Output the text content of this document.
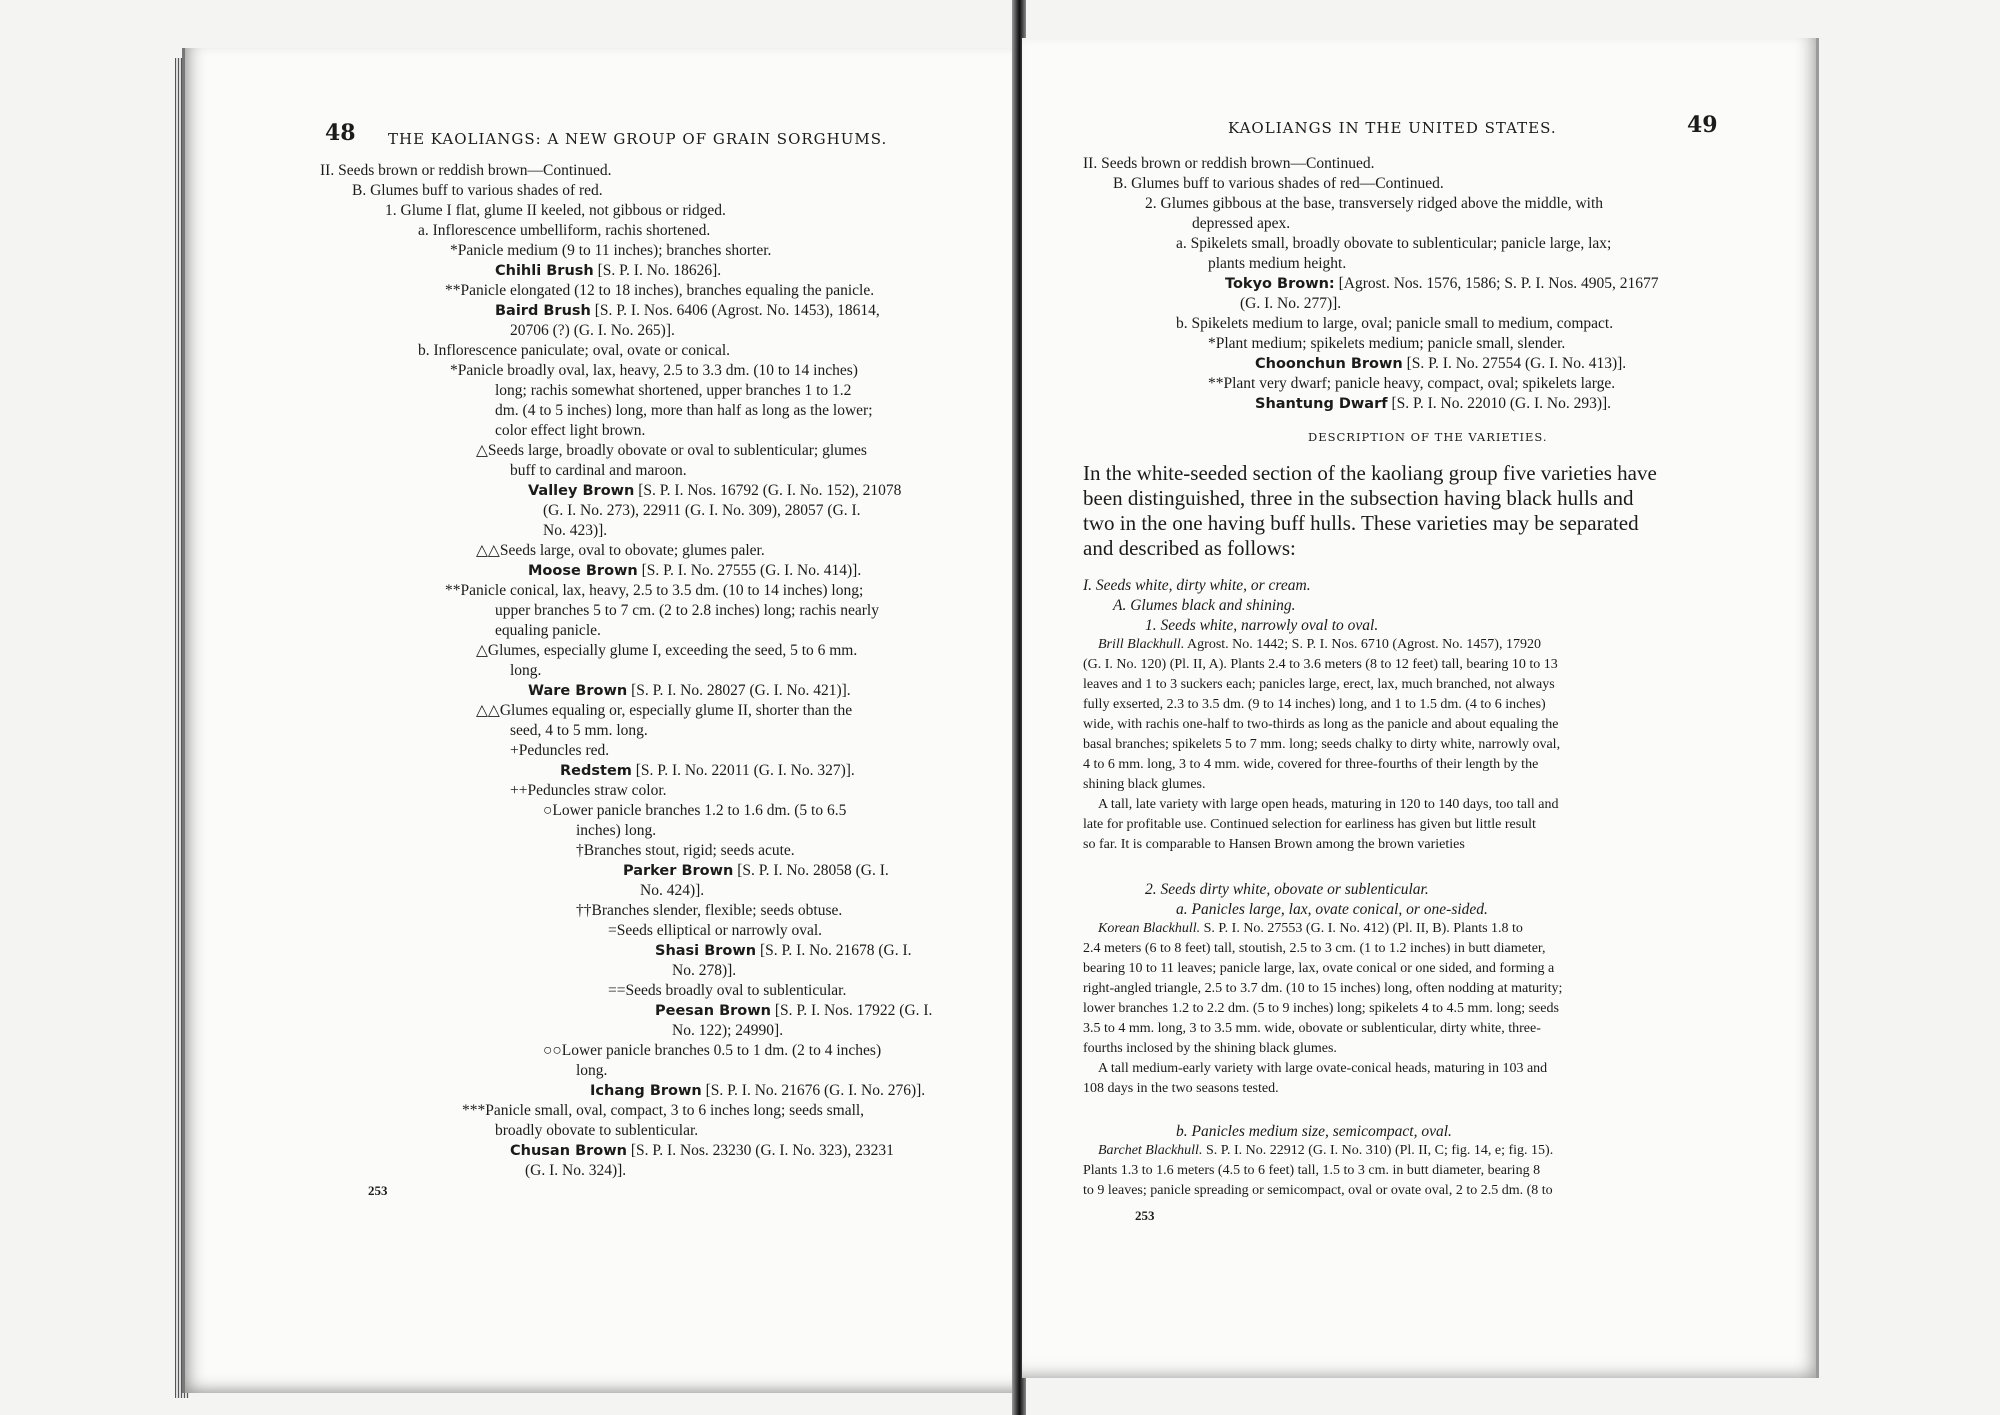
48 THE KAOLIANGS: A NEW GROUP OF GRAIN SORGHUMS.
II. Seeds brown or reddish brown—Continued.
B. Glumes buff to various shades of red.
1. Glume I flat, glume II keeled, not gibbous or ridged.
a. Inflorescence umbelliform, rachis shortened.
*Panicle medium (9 to 11 inches); branches shorter.
Chihli Brush [S. P. I. No. 18626].
**Panicle elongated (12 to 18 inches), branches equaling the panicle.
Baird Brush [S. P. I. Nos. 6406 (Agrost. No. 1453), 18614,
20706 (?) (G. I. No. 265)].
b. Inflorescence paniculate; oval, ovate or conical.
*Panicle broadly oval, lax, heavy, 2.5 to 3.3 dm. (10 to 14 inches)
long; rachis somewhat shortened, upper branches 1 to 1.2
dm. (4 to 5 inches) long, more than half as long as the lower;
color effect light brown.
△Seeds large, broadly obovate or oval to sublenticular; glumes
buff to cardinal and maroon.
Valley Brown [S. P. I. Nos. 16792 (G. I. No. 152), 21078
(G. I. No. 273), 22911 (G. I. No. 309), 28057 (G. I.
No. 423)].
△△Seeds large, oval to obovate; glumes paler.
Moose Brown [S. P. I. No. 27555 (G. I. No. 414)].
**Panicle conical, lax, heavy, 2.5 to 3.5 dm. (10 to 14 inches) long;
upper branches 5 to 7 cm. (2 to 2.8 inches) long; rachis nearly
equaling panicle.
△Glumes, especially glume I, exceeding the seed, 5 to 6 mm.
long.
Ware Brown [S. P. I. No. 28027 (G. I. No. 421)].
△△Glumes equaling or, especially glume II, shorter than the
seed, 4 to 5 mm. long.
+Peduncles red.
Redstem [S. P. I. No. 22011 (G. I. No. 327)].
++Peduncles straw color.
○Lower panicle branches 1.2 to 1.6 dm. (5 to 6.5
inches) long.
†Branches stout, rigid; seeds acute.
Parker Brown [S. P. I. No. 28058 (G. I.
No. 424)].
††Branches slender, flexible; seeds obtuse.
=Seeds elliptical or narrowly oval.
Shasi Brown [S. P. I. No. 21678 (G. I.
No. 278)].
==Seeds broadly oval to sublenticular.
Peesan Brown [S. P. I. Nos. 17922 (G. I.
No. 122); 24990].
○○Lower panicle branches 0.5 to 1 dm. (2 to 4 inches)
long.
Ichang Brown [S. P. I. No. 21676 (G. I. No. 276)].
***Panicle small, oval, compact, 3 to 6 inches long; seeds small,
broadly obovate to sublenticular.
Chusan Brown [S. P. I. Nos. 23230 (G. I. No. 323), 23231
(G. I. No. 324)].
253
KAOLIANGS IN THE UNITED STATES.	49
II. Seeds brown or reddish brown—Continued.
B. Glumes buff to various shades of red—Continued.
2. Glumes gibbous at the base, transversely ridged above the middle, with
depressed apex.
a. Spikelets small, broadly obovate to sublenticular; panicle large, lax;
plants medium height.
Tokyo Brown: [Agrost. Nos. 1576, 1586; S. P. I. Nos. 4905, 21677
(G. I. No. 277)].
b. Spikelets medium to large, oval; panicle small to medium, compact.
*Plant medium; spikelets medium; panicle small, slender.
Choonchun Brown [S. P. I. No. 27554 (G. I. No. 413)].
**Plant very dwarf; panicle heavy, compact, oval; spikelets large.
Shantung Dwarf [S. P. I. No. 22010 (G. I. No. 293)].
DESCRIPTION OF THE VARIETIES.
In the white-seeded section of the kaoliang group five varieties have
been distinguished, three in the subsection having black hulls and
two in the one having buff hulls. These varieties may be separated
and described as follows:
I. Seeds white, dirty white, or cream.
A. Glumes black and shining.
1. Seeds white, narrowly oval to oval.
Brill Blackhull. Agrost. No. 1442; S. P. I. Nos. 6710 (Agrost. No. 1457), 17920
(G. I. No. 120) (Pl. II, A). Plants 2.4 to 3.6 meters (8 to 12 feet) tall, bearing 10 to 13
leaves and 1 to 3 suckers each; panicles large, erect, lax, much branched, not always
fully exserted, 2.3 to 3.5 dm. (9 to 14 inches) long, and 1 to 1.5 dm. (4 to 6 inches)
wide, with rachis one-half to two-thirds as long as the panicle and about equaling the
basal branches; spikelets 5 to 7 mm. long; seeds chalky to dirty white, narrowly oval,
4 to 6 mm. long, 3 to 4 mm. wide, covered for three-fourths of their length by the
shining black glumes.
A tall, late variety with large open heads, maturing in 120 to 140 days, too tall and
late for profitable use. Continued selection for earliness has given but little result
so far. It is comparable to Hansen Brown among the brown varieties
2. Seeds dirty white, obovate or sublenticular.
a. Panicles large, lax, ovate conical, or one-sided.
Korean Blackhull. S. P. I. No. 27553 (G. I. No. 412) (Pl. II, B). Plants 1.8 to
2.4 meters (6 to 8 feet) tall, stoutish, 2.5 to 3 cm. (1 to 1.2 inches) in butt diameter,
bearing 10 to 11 leaves; panicle large, lax, ovate conical or one sided, and forming a
right-angled triangle, 2.5 to 3.7 dm. (10 to 15 inches) long, often nodding at maturity;
lower branches 1.2 to 2.2 dm. (5 to 9 inches) long; spikelets 4 to 4.5 mm. long; seeds
3.5 to 4 mm. long, 3 to 3.5 mm. wide, obovate or sublenticular, dirty white, three-
fourths inclosed by the shining black glumes.
A tall medium-early variety with large ovate-conical heads, maturing in 103 and
108 days in the two seasons tested.
b. Panicles medium size, semicompact, oval.
Barchet Blackhull. S. P. I. No. 22912 (G. I. No. 310) (Pl. II, C; fig. 14, e; fig. 15).
Plants 1.3 to 1.6 meters (4.5 to 6 feet) tall, 1.5 to 3 cm. in butt diameter, bearing 8
to 9 leaves; panicle spreading or semicompact, oval or ovate oval, 2 to 2.5 dm. (8 to
253
